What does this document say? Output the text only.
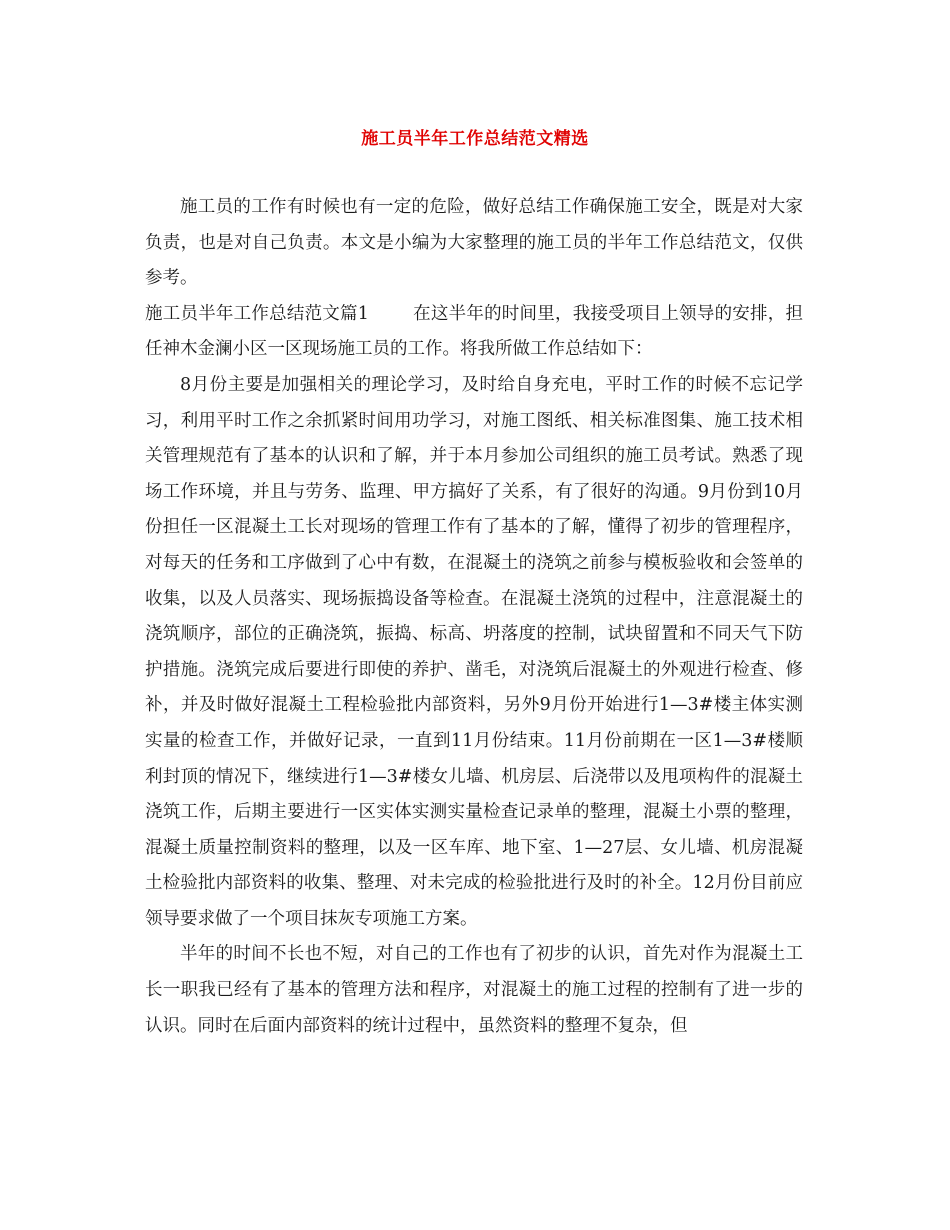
施工员半年工作总结范文精选

施工员的工作有时候也有一定的危险，做好总结工作确保施工安全，既是对大家负责，也是对自己负责。本文是小编为大家整理的施工员的半年工作总结范文，仅供参考。

施工员半年工作总结范文篇1	在这半年的时间里，我接受项目上领导的安排，担任神木金澜小区一区现场施工员的工作。将我所做工作总结如下：

8月份主要是加强相关的理论学习，及时给自身充电，平时工作的时候不忘记学习，利用平时工作之余抓紧时间用功学习，对施工图纸、相关标准图集、施工技术相关管理规范有了基本的认识和了解，并于本月参加公司组织的施工员考试。熟悉了现场工作环境，并且与劳务、监理、甲方搞好了关系，有了很好的沟通。9月份到10月份担任一区混凝土工长对现场的管理工作有了基本的了解，懂得了初步的管理程序，对每天的任务和工序做到了心中有数，在混凝土的浇筑之前参与模板验收和会签单的收集，以及人员落实、现场振捣设备等检查。在混凝土浇筑的过程中，注意混凝土的浇筑顺序，部位的正确浇筑，振捣、标高、坍落度的控制，试块留置和不同天气下防护措施。浇筑完成后要进行即使的养护、凿毛，对浇筑后混凝土的外观进行检查、修补，并及时做好混凝土工程检验批内部资料，另外9月份开始进行1—3#楼主体实测实量的检查工作，并做好记录，一直到11月份结束。11月份前期在一区1—3#楼顺利封顶的情况下，继续进行1—3#楼女儿墙、机房层、后浇带以及甩项构件的混凝土浇筑工作，后期主要进行一区实体实测实量检查记录单的整理，混凝土小票的整理，混凝土质量控制资料的整理，以及一区车库、地下室、1—27层、女儿墙、机房混凝土检验批内部资料的收集、整理、对未完成的检验批进行及时的补全。12月份目前应领导要求做了一个项目抹灰专项施工方案。

半年的时间不长也不短，对自己的工作也有了初步的认识，首先对作为混凝土工长一职我已经有了基本的管理方法和程序，对混凝土的施工过程的控制有了进一步的认识。同时在后面内部资料的统计过程中，虽然资料的整理不复杂，但
